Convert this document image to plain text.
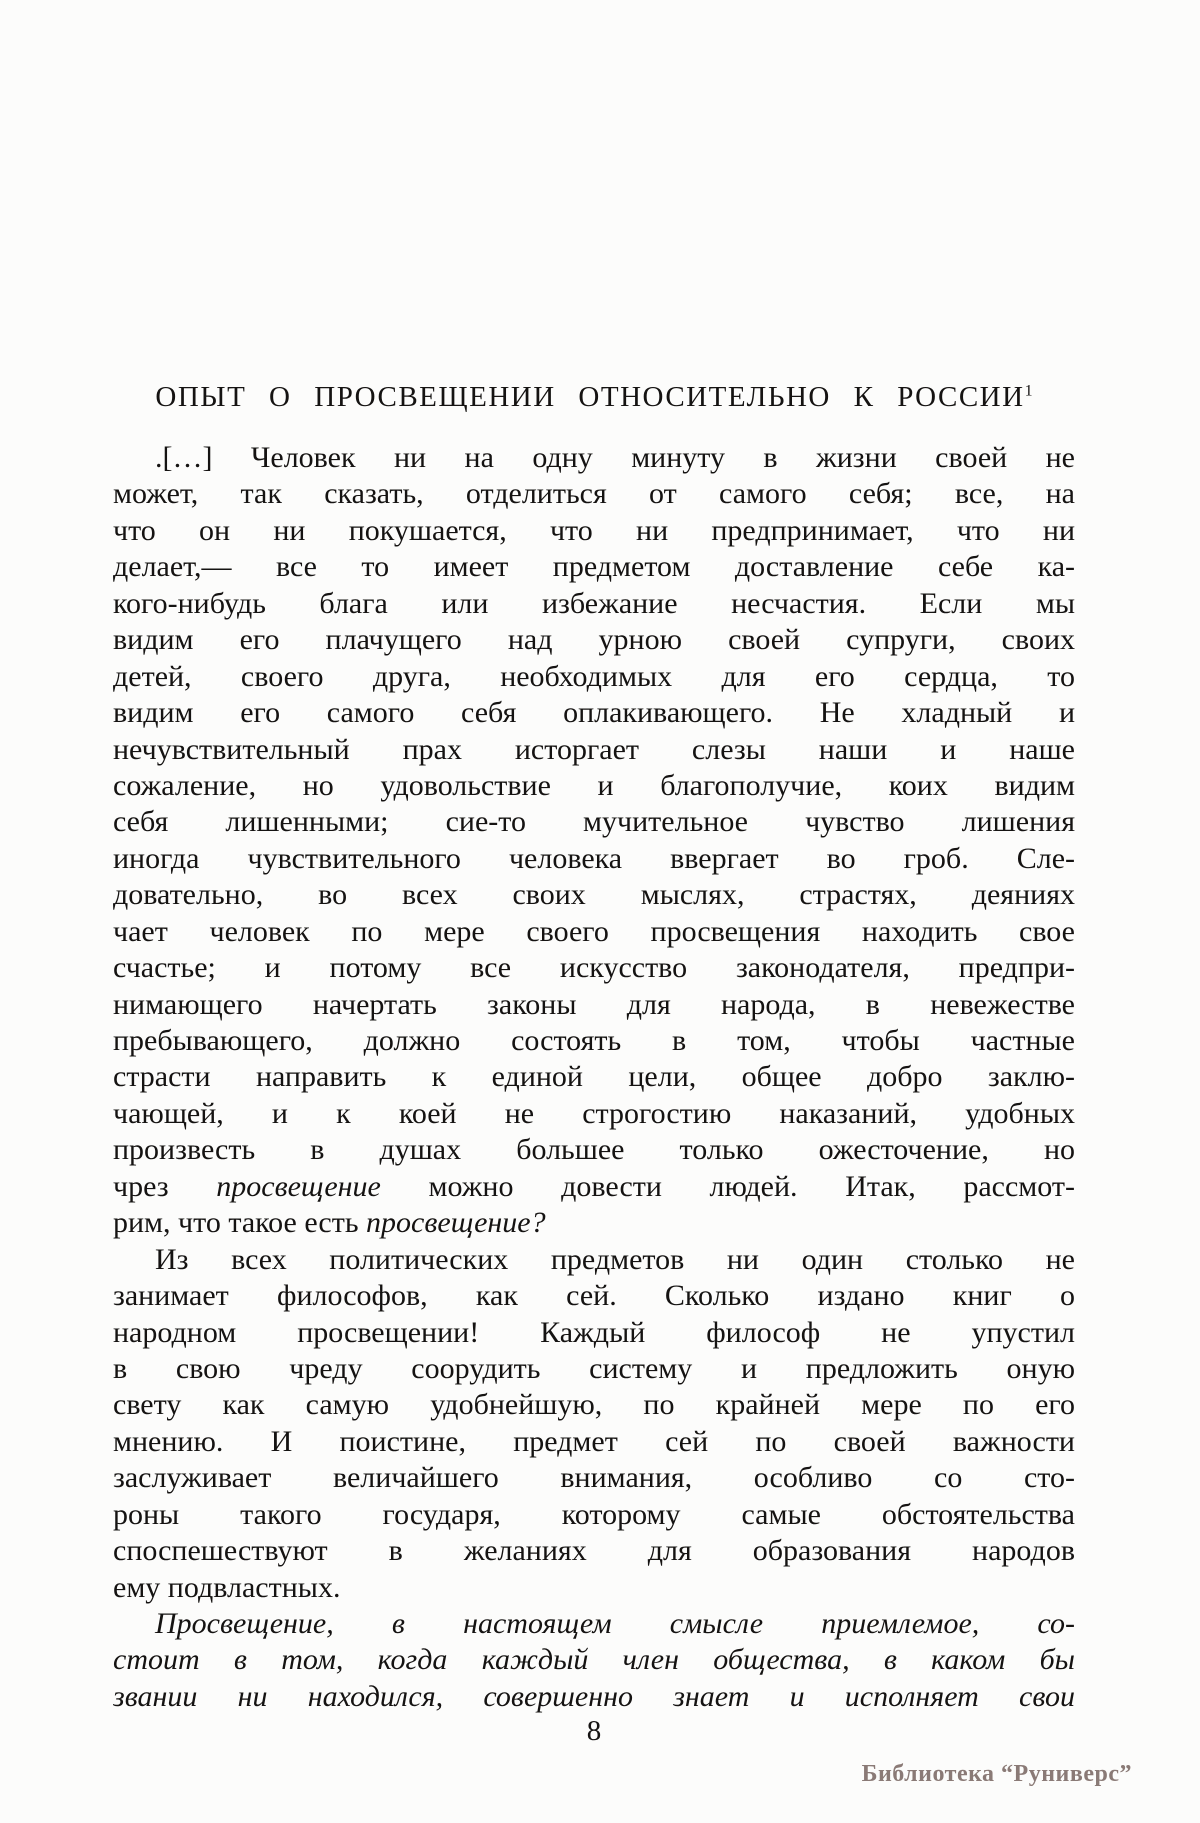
ОПЫТ О ПРОСВЕЩЕНИИ ОТНОСИТЕЛЬНО К РОССИИ$^1$
.[…] Человек ни на одну минуту в жизни своей не
может, так сказать, отделиться от самого себя; все, на
что он ни покушается, что ни предпринимает, что ни
делает,— все то имеет предметом доставление себе ка-
кого-нибудь блага или избежание несчастия. Если мы
видим его плачущего над урною своей супруги, своих
детей, своего друга, необходимых для его сердца, то
видим его самого себя оплакивающего. Не хладный и
нечувствительный прах исторгает слезы наши и наше
сожаление, но удовольствие и благополучие, коих видим
себя лишенными; сие-то мучительное чувство лишения
иногда чувствительного человека ввергает во гроб. Сле-
довательно, во всех своих мыслях, страстях, деяниях
чает человек по мере своего просвещения находить свое
счастье; и потому все искусство законодателя, предпри-
нимающего начертать законы для народа, в невежестве
пребывающего, должно состоять в том, чтобы частные
страсти направить к единой цели, общее добро заклю-
чающей, и к коей не строгостию наказаний, удобных
произвесть в душах большее только ожесточение, но
чрез просвещение можно довести людей. Итак, рассмот-
рим, что такое есть просвещение?
Из всех политических предметов ни один столько не
занимает философов, как сей. Сколько издано книг о
народном просвещении! Каждый философ не упустил
в свою чреду соорудить систему и предложить оную
свету как самую удобнейшую, по крайней мере по его
мнению. И поистине, предмет сей по своей важности
заслуживает величайшего внимания, особливо со сто-
роны такого государя, которому самые обстоятельства
споспешествуют в желаниях для образования народов
ему подвластных.
Просвещение, в настоящем смысле приемлемое, со-
стоит в том, когда каждый член общества, в каком бы
звании ни находился, совершенно знает и исполняет свои
8
Библиотека “Руниверс”
